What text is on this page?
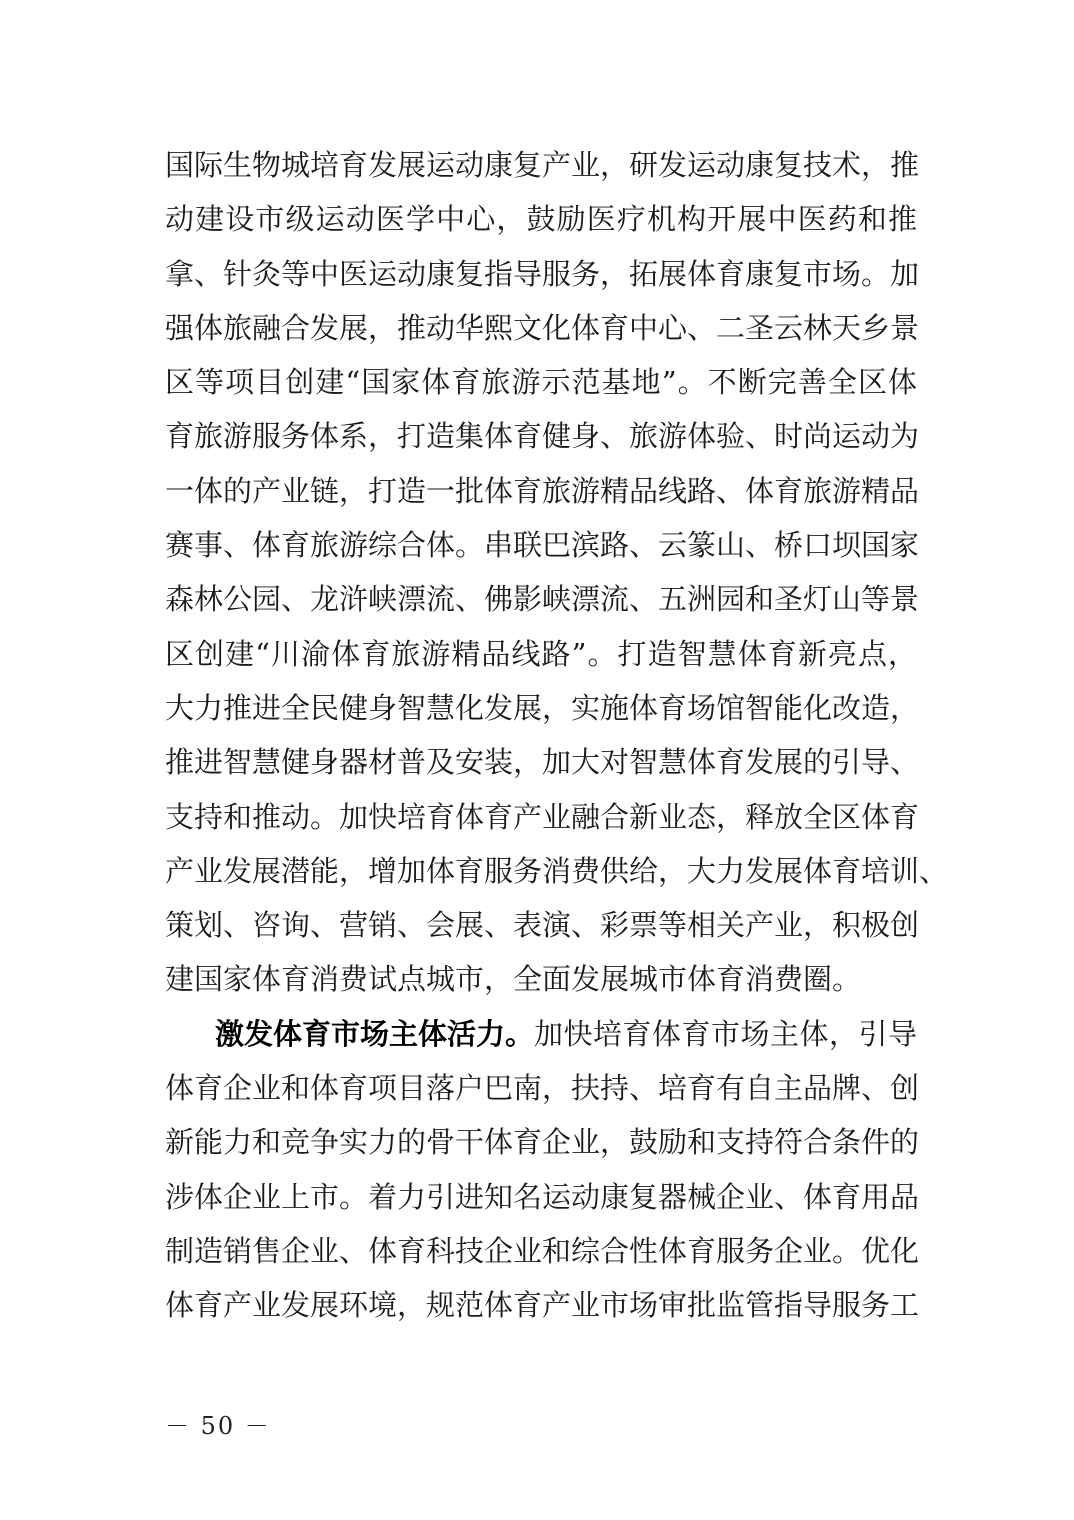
国际生物城培育发展运动康复产业，研发运动康复技术，推
动建设市级运动医学中心，鼓励医疗机构开展中医药和推
拿、针灸等中医运动康复指导服务，拓展体育康复市场。加
强体旅融合发展，推动华熙文化体育中心、二圣云林天乡景
区等项目创建“国家体育旅游示范基地”。不断完善全区体
育旅游服务体系，打造集体育健身、旅游体验、时尚运动为
一体的产业链，打造一批体育旅游精品线路、体育旅游精品
赛事、体育旅游综合体。串联巴滨路、云篆山、桥口坝国家
森林公园、龙浒峡漂流、佛影峡漂流、五洲园和圣灯山等景
区创建“川渝体育旅游精品线路”。打造智慧体育新亮点，
大力推进全民健身智慧化发展，实施体育场馆智能化改造，
推进智慧健身器材普及安装，加大对智慧体育发展的引导、
支持和推动。加快培育体育产业融合新业态，释放全区体育
产业发展潜能，增加体育服务消费供给，大力发展体育培训、
策划、咨询、营销、会展、表演、彩票等相关产业，积极创
建国家体育消费试点城市，全面发展城市体育消费圈。
激发体育市场主体活力。 加快培育体育市场主体，引导
体育企业和体育项目落户巴南，扶持、培育有自主品牌、创
新能力和竞争实力的骨干体育企业，鼓励和支持符合条件的
涉体企业上市。着力引进知名运动康复器械企业、体育用品
制造销售企业、体育科技企业和综合性体育服务企业。优化
体育产业发展环境，规范体育产业市场审批监管指导服务工
－ 50 －
